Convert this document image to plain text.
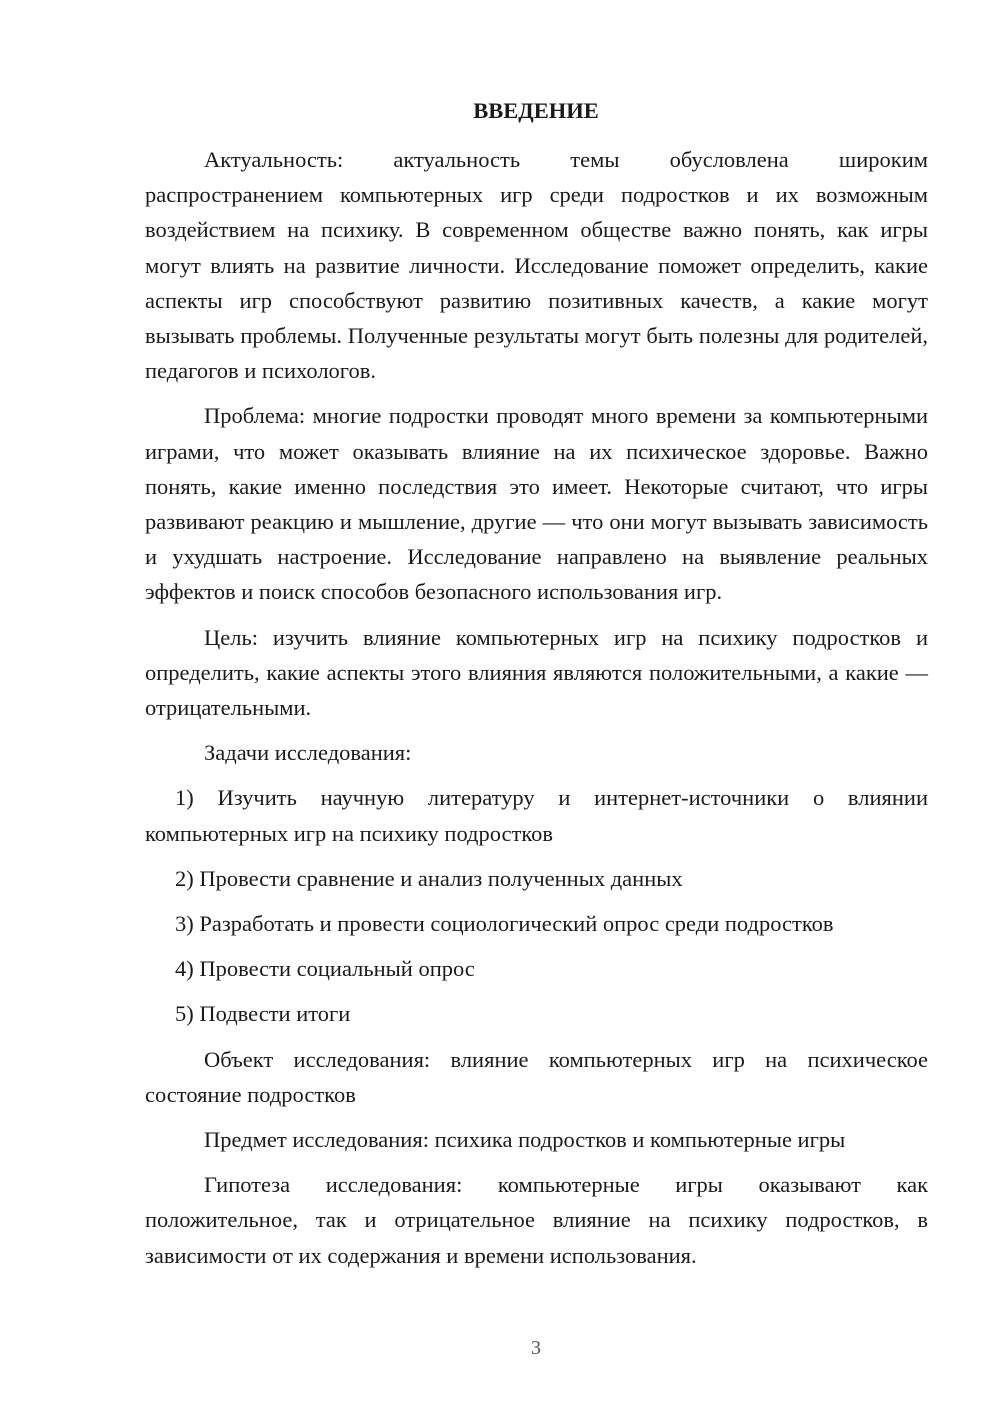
ВВЕДЕНИЕ

Актуальность: актуальность темы обусловлена широким распространением компьютерных игр среди подростков и их возможным воздействием на психику. В современном обществе важно понять, как игры могут влиять на развитие личности. Исследование поможет определить, какие аспекты игр способствуют развитию позитивных качеств, а какие могут вызывать проблемы. Полученные результаты могут быть полезны для родителей, педагогов и психологов.

Проблема: многие подростки проводят много времени за компьютерными играми, что может оказывать влияние на их психическое здоровье. Важно понять, какие именно последствия это имеет. Некоторые считают, что игры развивают реакцию и мышление, другие — что они могут вызывать зависимость и ухудшать настроение. Исследование направлено на выявление реальных эффектов и поиск способов безопасного использования игр.

Цель: изучить влияние компьютерных игр на психику подростков и определить, какие аспекты этого влияния являются положительными, а какие — отрицательными.

Задачи исследования:

1) Изучить научную литературу и интернет-источники о влиянии компьютерных игр на психику подростков

2) Провести сравнение и анализ полученных данных

3) Разработать и провести социологический опрос среди подростков

4) Провести социальный опрос

5) Подвести итоги

Объект исследования: влияние компьютерных игр на психическое состояние подростков

Предмет исследования: психика подростков и компьютерные игры

Гипотеза исследования: компьютерные игры оказывают как положительное, так и отрицательное влияние на психику подростков, в зависимости от их содержания и времени использования.

3
